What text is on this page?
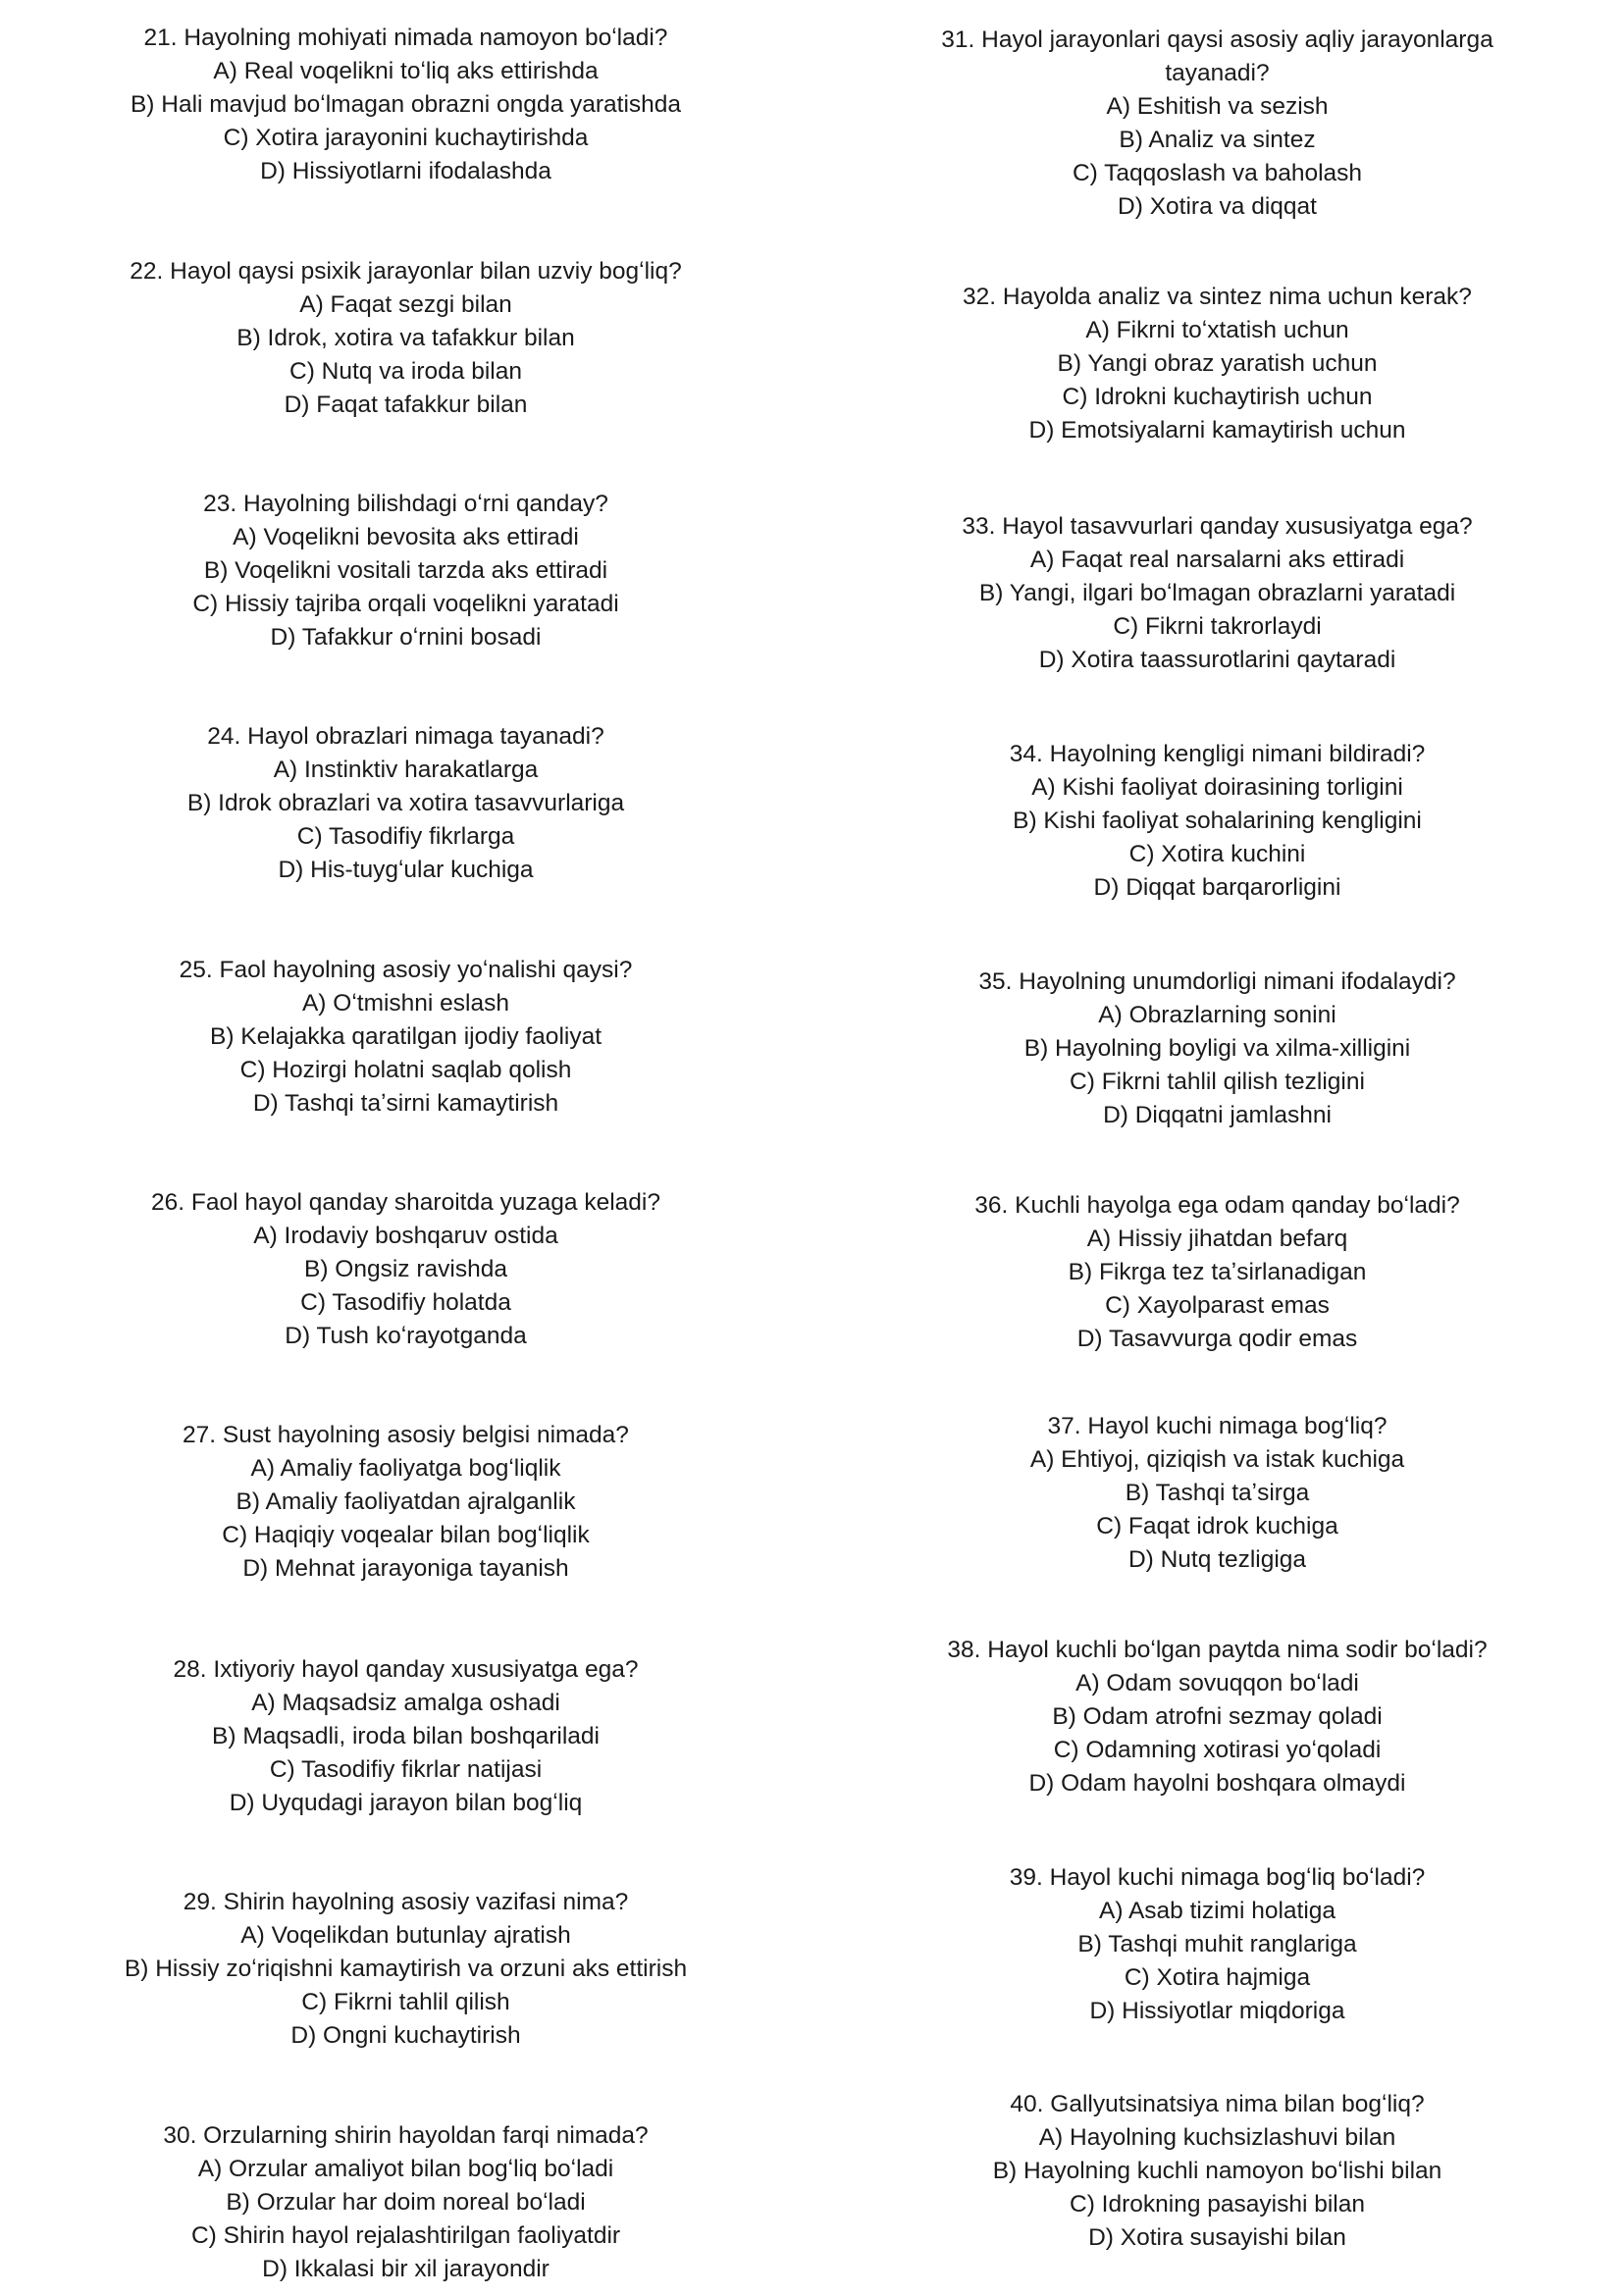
21. Hayolning mohiyati nimada namoyon boʻladi?
A) Real voqelikni toʻliq aks ettirishda
B) Hali mavjud boʻlmagan obrazni ongda yaratishda
C) Xotira jarayonini kuchaytirishda
D) Hissiyotlarni ifodalashda
22. Hayol qaysi psixik jarayonlar bilan uzviy bogʻliq?
A) Faqat sezgi bilan
B) Idrok, xotira va tafakkur bilan
C) Nutq va iroda bilan
D) Faqat tafakkur bilan
23. Hayolning bilishdagi oʻrni qanday?
A) Voqelikni bevosita aks ettiradi
B) Voqelikni vositali tarzda aks ettiradi
C) Hissiy tajriba orqali voqelikni yaratadi
D) Tafakkur oʻrnini bosadi
24. Hayol obrazlari nimaga tayanadi?
A) Instinktiv harakatlarga
B) Idrok obrazlari va xotira tasavvurlariga
C) Tasodifiy fikrlarga
D) His-tuygʻular kuchiga
25. Faol hayolning asosiy yoʻnalishi qaysi?
A) Oʻtmishni eslash
B) Kelajakka qaratilgan ijodiy faoliyat
C) Hozirgi holatni saqlab qolish
D) Tashqi taʼsirni kamaytirish
26. Faol hayol qanday sharoitda yuzaga keladi?
A) Irodaviy boshqaruv ostida
B) Ongsiz ravishda
C) Tasodifiy holatda
D) Tush koʻrayotganda
27. Sust hayolning asosiy belgisi nimada?
A) Amaliy faoliyatga bogʻliqlik
B) Amaliy faoliyatdan ajralganlik
C) Haqiqiy voqealar bilan bogʻliqlik
D) Mehnat jarayoniga tayanish
28. Ixtiyoriy hayol qanday xususiyatga ega?
A) Maqsadsiz amalga oshadi
B) Maqsadli, iroda bilan boshqariladi
C) Tasodifiy fikrlar natijasi
D) Uyqudagi jarayon bilan bogʻliq
29. Shirin hayolning asosiy vazifasi nima?
A) Voqelikdan butunlay ajratish
B) Hissiy zoʻriqishni kamaytirish va orzuni aks ettirish
C) Fikrni tahlil qilish
D) Ongni kuchaytirish
30. Orzularning shirin hayoldan farqi nimada?
A) Orzular amaliyot bilan bogʻliq boʻladi
B) Orzular har doim noreal boʻladi
C) Shirin hayol rejalashtirilgan faoliyatdir
D) Ikkalasi bir xil jarayondir
31. Hayol jarayonlari qaysi asosiy aqliy jarayonlarga tayanadi?
A) Eshitish va sezish
B) Analiz va sintez
C) Taqqoslash va baholash
D) Xotira va diqqat
32. Hayolda analiz va sintez nima uchun kerak?
A) Fikrni toʻxtatish uchun
B) Yangi obraz yaratish uchun
C) Idrokni kuchaytirish uchun
D) Emotsiyalarni kamaytirish uchun
33. Hayol tasavvurlari qanday xususiyatga ega?
A) Faqat real narsalarni aks ettiradi
B) Yangi, ilgari boʻlmagan obrazlarni yaratadi
C) Fikrni takrorlaydi
D) Xotira taassurotlarini qaytaradi
34. Hayolning kengligi nimani bildiradi?
A) Kishi faoliyat doirasining torligini
B) Kishi faoliyat sohalarining kengligini
C) Xotira kuchini
D) Diqqat barqarorligini
35. Hayolning unumdorligi nimani ifodalaydi?
A) Obrazlarning sonini
B) Hayolning boyligi va xilma-xilligini
C) Fikrni tahlil qilish tezligini
D) Diqqatni jamlashni
36. Kuchli hayolga ega odam qanday boʻladi?
A) Hissiy jihatdan befarq
B) Fikrga tez taʼsirlanadigan
C) Xayolparast emas
D) Tasavvurga qodir emas
37. Hayol kuchi nimaga bogʻliq?
A) Ehtiyoj, qiziqish va istak kuchiga
B) Tashqi taʼsirga
C) Faqat idrok kuchiga
D) Nutq tezligiga
38. Hayol kuchli boʻlgan paytda nima sodir boʻladi?
A) Odam sovuqqon boʻladi
B) Odam atrofni sezmay qoladi
C) Odamning xotirasi yoʻqoladi
D) Odam hayolni boshqara olmaydi
39. Hayol kuchi nimaga bogʻliq boʻladi?
A) Asab tizimi holatiga
B) Tashqi muhit ranglariga
C) Xotira hajmiga
D) Hissiyotlar miqdoriga
40. Gallyutsinatsiya nima bilan bogʻliq?
A) Hayolning kuchsizlashuvi bilan
B) Hayolning kuchli namoyon boʻlishi bilan
C) Idrokning pasayishi bilan
D) Xotira susayishi bilan
